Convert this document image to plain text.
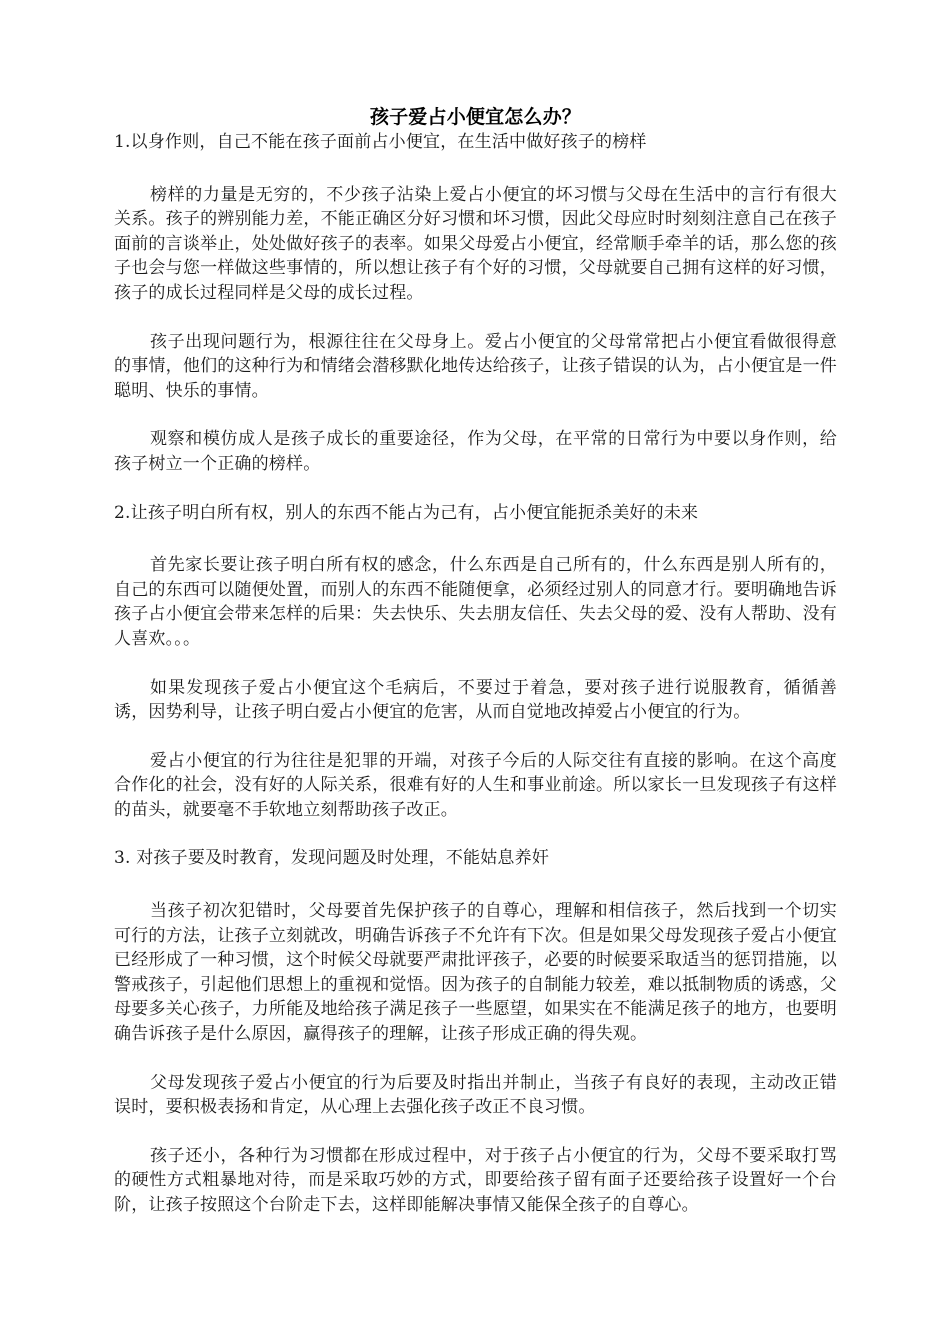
孩子爱占小便宜怎么办？

1.以身作则，自己不能在孩子面前占小便宜，在生活中做好孩子的榜样

榜样的力量是无穷的，不少孩子沾染上爱占小便宜的坏习惯与父母在生活中的言行有很大关系。孩子的辨别能力差，不能正确区分好习惯和坏习惯，因此父母应时时刻刻注意自己在孩子面前的言谈举止，处处做好孩子的表率。如果父母爱占小便宜，经常顺手牵羊的话，那么您的孩子也会与您一样做这些事情的，所以想让孩子有个好的习惯，父母就要自己拥有这样的好习惯，孩子的成长过程同样是父母的成长过程。

孩子出现问题行为，根源往往在父母身上。爱占小便宜的父母常常把占小便宜看做很得意的事情，他们的这种行为和情绪会潜移默化地传达给孩子，让孩子错误的认为，占小便宜是一件聪明、快乐的事情。

观察和模仿成人是孩子成长的重要途径，作为父母，在平常的日常行为中要以身作则，给孩子树立一个正确的榜样。

2.让孩子明白所有权，别人的东西不能占为己有，占小便宜能扼杀美好的未来

首先家长要让孩子明白所有权的感念，什么东西是自己所有的，什么东西是别人所有的，自己的东西可以随便处置，而别人的东西不能随便拿，必须经过别人的同意才行。要明确地告诉孩子占小便宜会带来怎样的后果：失去快乐、失去朋友信任、失去父母的爱、没有人帮助、没有人喜欢。。。

如果发现孩子爱占小便宜这个毛病后，不要过于着急，要对孩子进行说服教育，循循善诱，因势利导，让孩子明白爱占小便宜的危害，从而自觉地改掉爱占小便宜的行为。

爱占小便宜的行为往往是犯罪的开端，对孩子今后的人际交往有直接的影响。在这个高度合作化的社会，没有好的人际关系，很难有好的人生和事业前途。所以家长一旦发现孩子有这样的苗头，就要毫不手软地立刻帮助孩子改正。

3. 对孩子要及时教育，发现问题及时处理，不能姑息养奸

当孩子初次犯错时，父母要首先保护孩子的自尊心，理解和相信孩子，然后找到一个切实可行的方法，让孩子立刻就改，明确告诉孩子不允许有下次。但是如果父母发现孩子爱占小便宜已经形成了一种习惯，这个时候父母就要严肃批评孩子，必要的时候要采取适当的惩罚措施，以警戒孩子，引起他们思想上的重视和觉悟。因为孩子的自制能力较差，难以抵制物质的诱惑，父母要多关心孩子，力所能及地给孩子满足孩子一些愿望，如果实在不能满足孩子的地方，也要明确告诉孩子是什么原因，赢得孩子的理解，让孩子形成正确的得失观。

父母发现孩子爱占小便宜的行为后要及时指出并制止，当孩子有良好的表现，主动改正错误时，要积极表扬和肯定，从心理上去强化孩子改正不良习惯。

孩子还小，各种行为习惯都在形成过程中，对于孩子占小便宜的行为，父母不要采取打骂的硬性方式粗暴地对待，而是采取巧妙的方式，即要给孩子留有面子还要给孩子设置好一个台阶，让孩子按照这个台阶走下去，这样即能解决事情又能保全孩子的自尊心。
